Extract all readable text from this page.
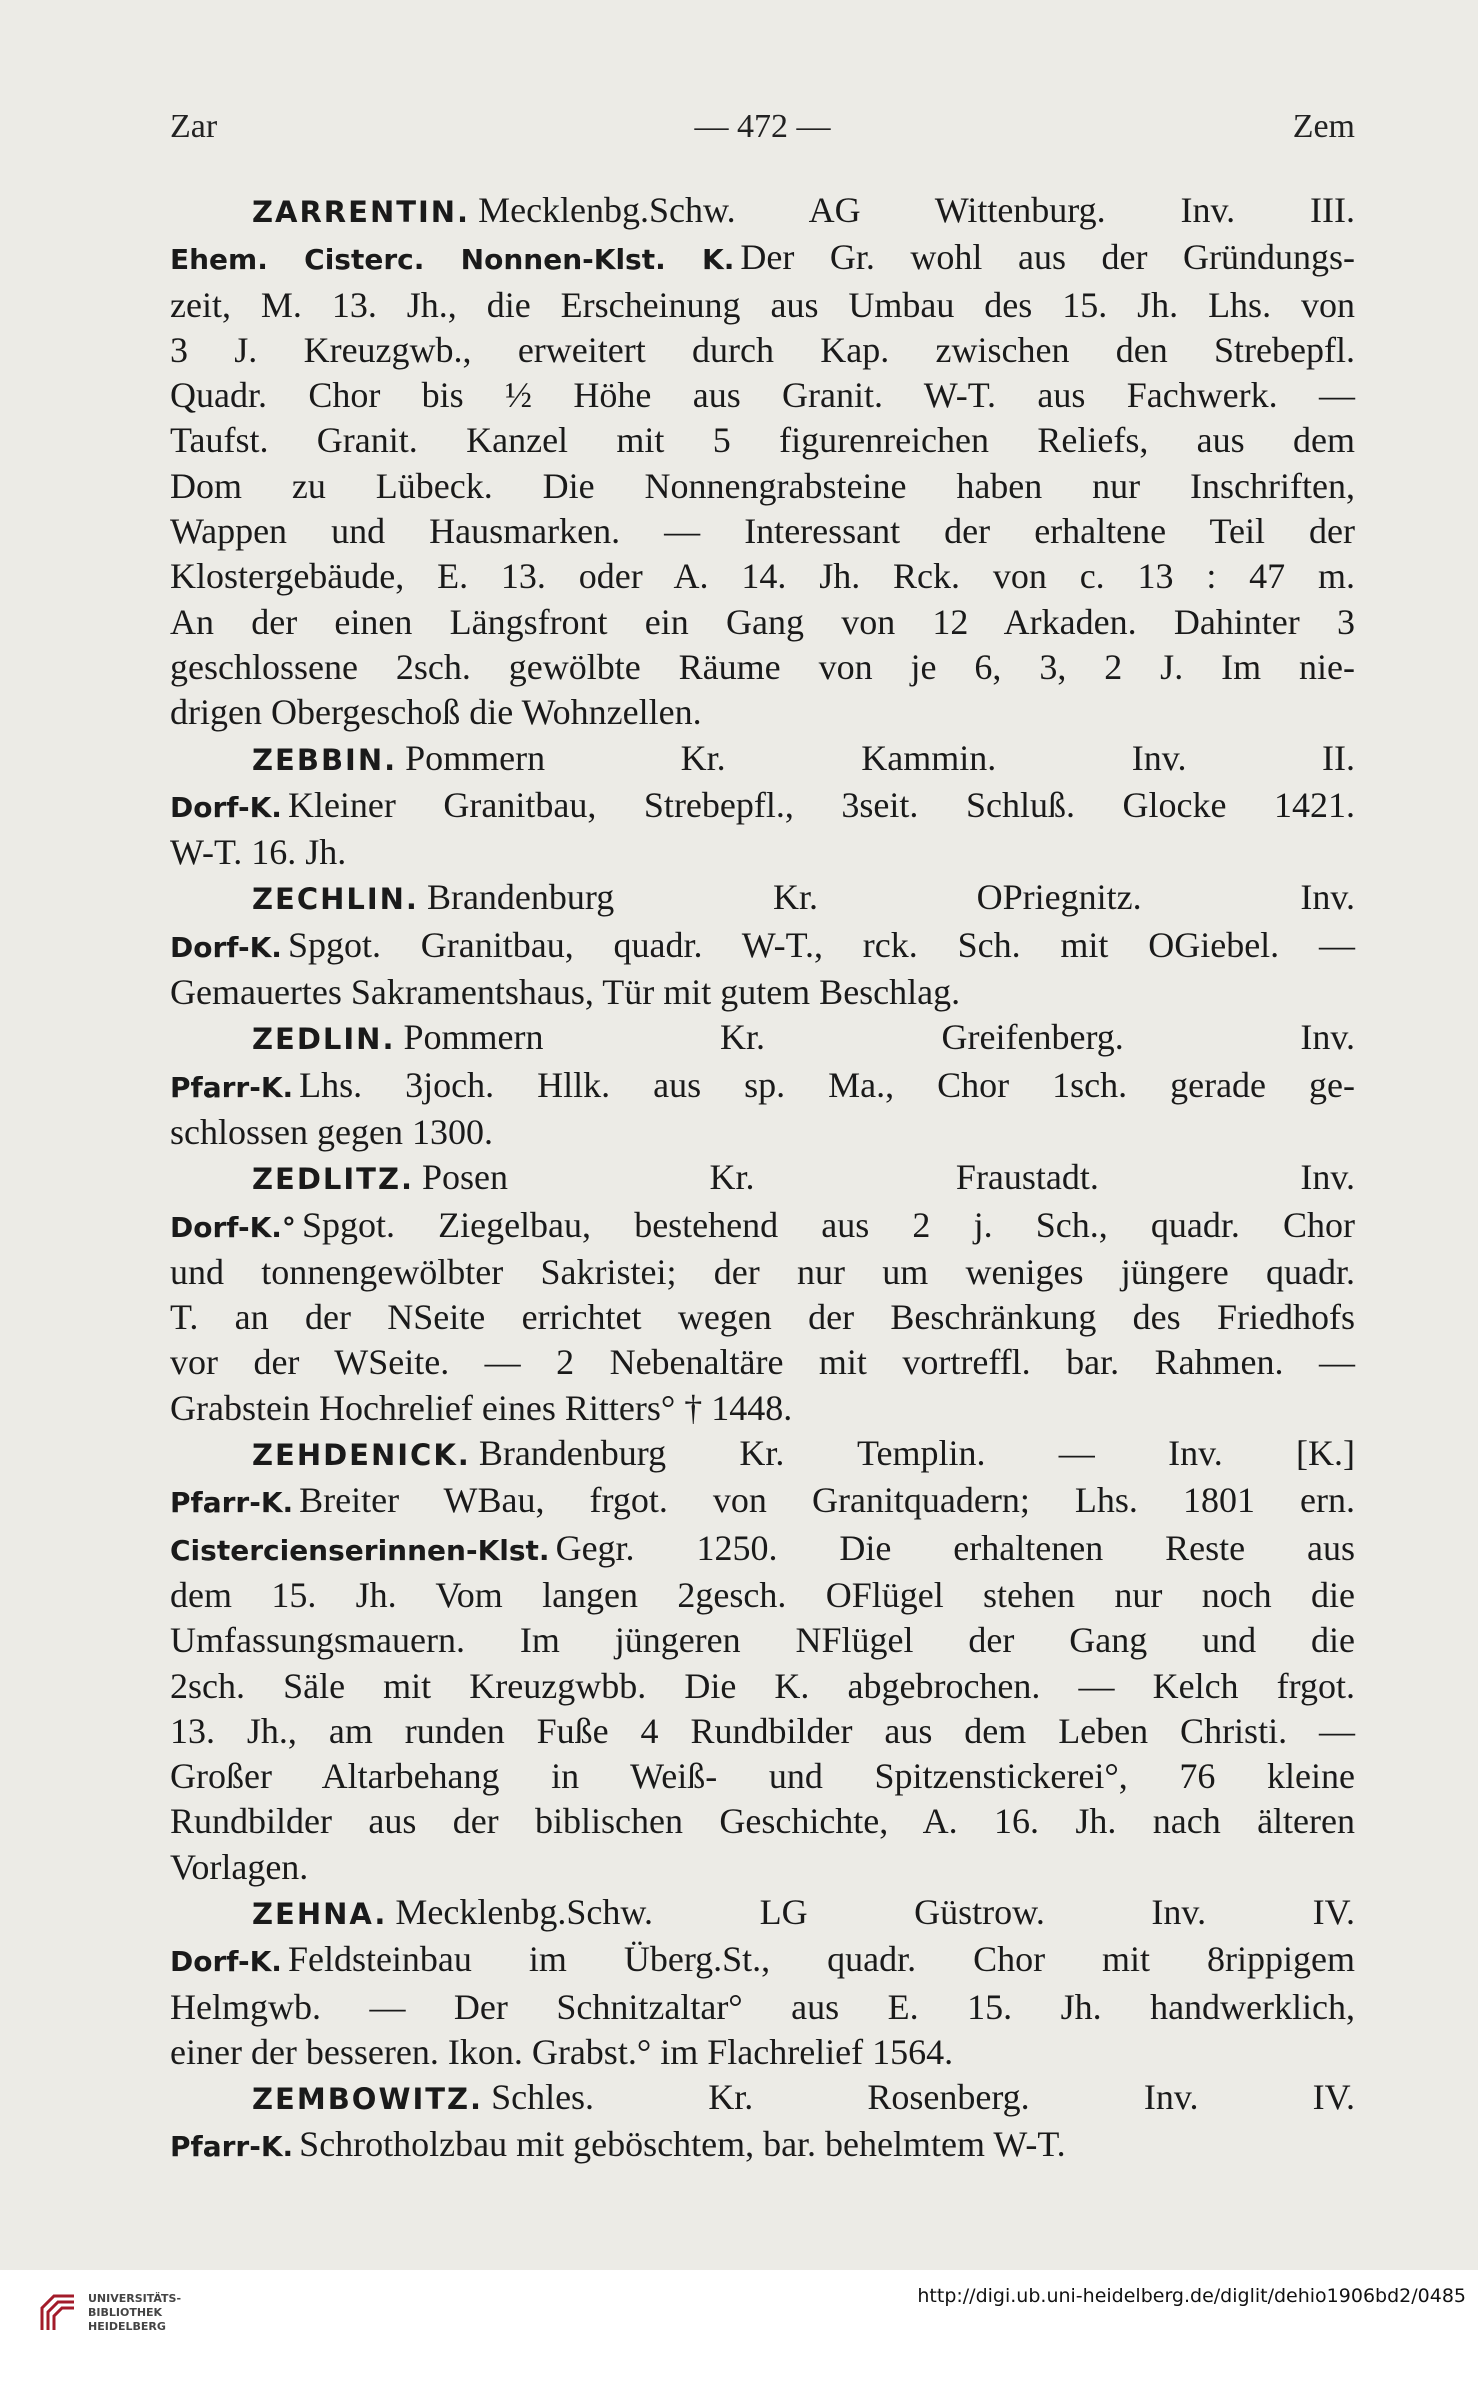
Zar	— 472 —	Zem
ZARRENTIN. Mecklenbg.Schw. AG Wittenburg. Inv. III.
Ehem. Cisterc. Nonnen-Klst. K. Der Gr. wohl aus der Gründungs-
zeit, M. 13. Jh., die Erscheinung aus Umbau des 15. Jh. Lhs. von
3 J. Kreuzgwb., erweitert durch Kap. zwischen den Strebepfl.
Quadr. Chor bis ½ Höhe aus Granit. W-T. aus Fachwerk. —
Taufst. Granit. Kanzel mit 5 figurenreichen Reliefs, aus dem
Dom zu Lübeck. Die Nonnengrabsteine haben nur Inschriften,
Wappen und Hausmarken. — Interessant der erhaltene Teil der
Klostergebäude, E. 13. oder A. 14. Jh. Rck. von c. 13 : 47 m.
An der einen Längsfront ein Gang von 12 Arkaden. Dahinter 3
geschlossene 2sch. gewölbte Räume von je 6, 3, 2 J. Im nie-
drigen Obergeschoß die Wohnzellen.
ZEBBIN. Pommern Kr. Kammin. Inv. II.
Dorf-K. Kleiner Granitbau, Strebepfl., 3seit. Schluß. Glocke 1421.
W-T. 16. Jh.
ZECHLIN. Brandenburg Kr. OPriegnitz. Inv.
Dorf-K. Spgot. Granitbau, quadr. W-T., rck. Sch. mit OGiebel. —
Gemauertes Sakramentshaus, Tür mit gutem Beschlag.
ZEDLIN. Pommern Kr. Greifenberg. Inv.
Pfarr-K. Lhs. 3joch. Hllk. aus sp. Ma., Chor 1sch. gerade ge-
schlossen gegen 1300.
ZEDLITZ. Posen Kr. Fraustadt. Inv.
Dorf-K.° Spgot. Ziegelbau, bestehend aus 2 j. Sch., quadr. Chor
und tonnengewölbter Sakristei; der nur um weniges jüngere quadr.
T. an der NSeite errichtet wegen der Beschränkung des Friedhofs
vor der WSeite. — 2 Nebenaltäre mit vortreffl. bar. Rahmen. —
Grabstein Hochrelief eines Ritters° † 1448.
ZEHDENICK. Brandenburg Kr. Templin. — Inv. [K.]
Pfarr-K. Breiter WBau, frgot. von Granitquadern; Lhs. 1801 ern.
Cistercienserinnen-Klst. Gegr. 1250. Die erhaltenen Reste aus
dem 15. Jh. Vom langen 2gesch. OFlügel stehen nur noch die
Umfassungsmauern. Im jüngeren NFlügel der Gang und die
2sch. Säle mit Kreuzgwbb. Die K. abgebrochen. — Kelch frgot.
13. Jh., am runden Fuße 4 Rundbilder aus dem Leben Christi. —
Großer Altarbehang in Weiß- und Spitzenstickerei°, 76 kleine
Rundbilder aus der biblischen Geschichte, A. 16. Jh. nach älteren
Vorlagen.
ZEHNA. Mecklenbg.Schw. LG Güstrow. Inv. IV.
Dorf-K. Feldsteinbau im Überg.St., quadr. Chor mit 8rippigem
Helmgwb. — Der Schnitzaltar° aus E. 15. Jh. handwerklich,
einer der besseren. Ikon. Grabst.° im Flachrelief 1564.
ZEMBOWITZ. Schles. Kr. Rosenberg. Inv. IV.
Pfarr-K. Schrotholzbau mit geböschtem, bar. behelmtem W-T.
UNIVERSITÄTS-
BIBLIOTHEK
HEIDELBERG
http://digi.ub.uni-heidelberg.de/diglit/dehio1906bd2/0485
